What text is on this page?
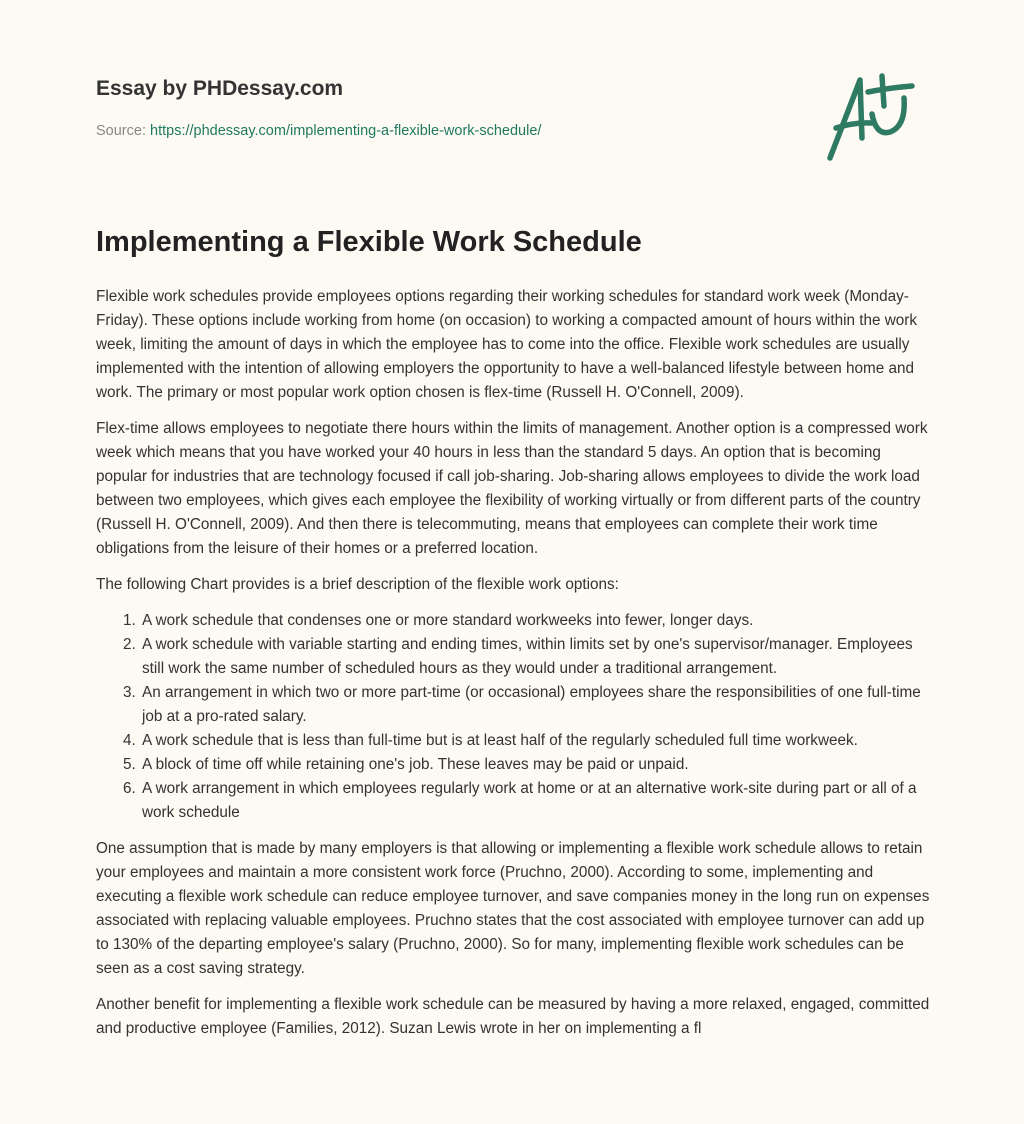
Essay by PHDessay.com

Source: https://phdessay.com/implementing-a-flexible-work-schedule/
Implementing a Flexible Work Schedule

Flexible work schedules provide employees options regarding their working schedules for standard work week (Monday-Friday). These options include working from home (on occasion) to working a compacted amount of hours within the work week, limiting the amount of days in which the employee has to come into the office. Flexible work schedules are usually implemented with the intention of allowing employers the opportunity to have a well-balanced lifestyle between home and work. The primary or most popular work option chosen is flex-time (Russell H. O'Connell, 2009).

Flex-time allows employees to negotiate there hours within the limits of management. Another option is a compressed work week which means that you have worked your 40 hours in less than the standard 5 days. An option that is becoming popular for industries that are technology focused if call job-sharing. Job-sharing allows employees to divide the work load between two employees, which gives each employee the flexibility of working virtually or from different parts of the country (Russell H. O'Connell, 2009). And then there is telecommuting, means that employees can complete their work time obligations from the leisure of their homes or a preferred location.

The following Chart provides is a brief description of the flexible work options:

1. A work schedule that condenses one or more standard workweeks into fewer, longer days.
2. A work schedule with variable starting and ending times, within limits set by one's supervisor/manager. Employees still work the same number of scheduled hours as they would under a traditional arrangement.
3. An arrangement in which two or more part-time (or occasional) employees share the responsibilities of one full-time job at a pro-rated salary.
4. A work schedule that is less than full-time but is at least half of the regularly scheduled full time workweek.
5. A block of time off while retaining one's job. These leaves may be paid or unpaid.
6. A work arrangement in which employees regularly work at home or at an alternative work-site during part or all of a work schedule

One assumption that is made by many employers is that allowing or implementing a flexible work schedule allows to retain your employees and maintain a more consistent work force (Pruchno, 2000). According to some, implementing and executing a flexible work schedule can reduce employee turnover, and save companies money in the long run on expenses associated with replacing valuable employees. Pruchno states that the cost associated with employee turnover can add up to 130% of the departing employee's salary (Pruchno, 2000). So for many, implementing flexible work schedules can be seen as a cost saving strategy.

Another benefit for implementing a flexible work schedule can be measured by having a more relaxed, engaged, committed and productive employee (Families, 2012). Suzan Lewis wrote in her on implementing a fl
